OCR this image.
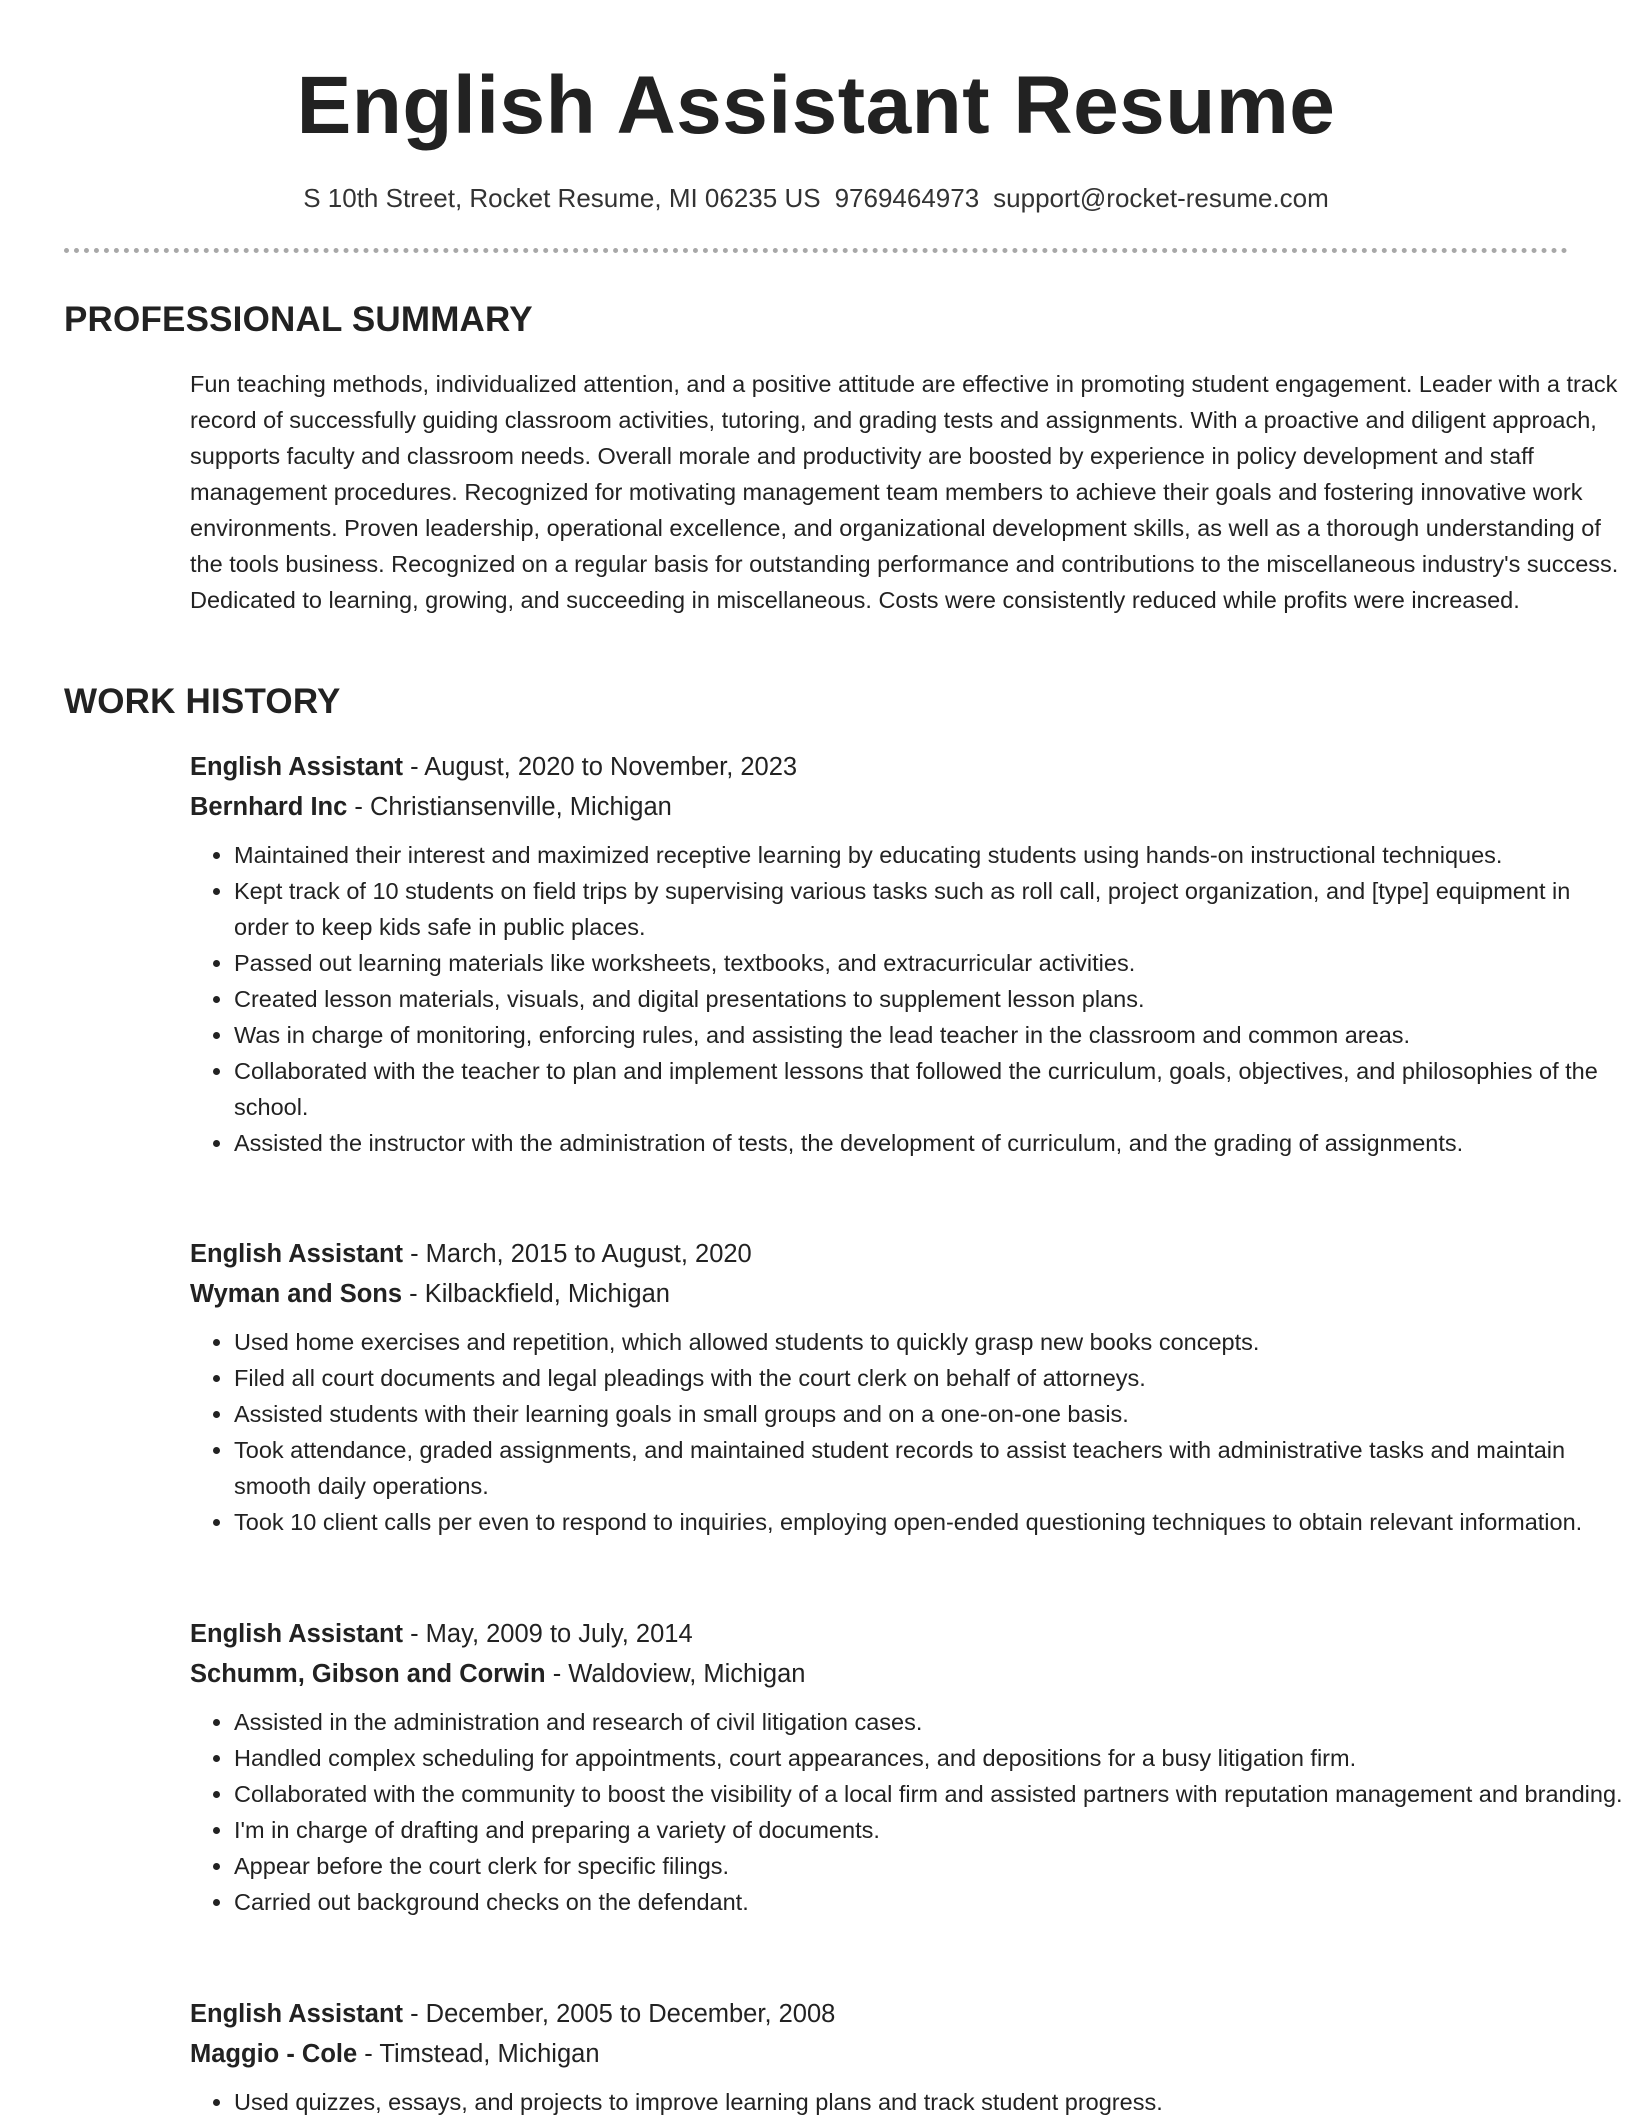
English Assistant Resume
S 10th Street, Rocket Resume, MI 06235 US 9769464973 support@rocket-resume.com
PROFESSIONAL SUMMARY

Fun teaching methods, individualized attention, and a positive attitude are effective in promoting student engagement. Leader with a track record of successfully guiding classroom activities, tutoring, and grading tests and assignments. With a proactive and diligent approach, supports faculty and classroom needs. Overall morale and productivity are boosted by experience in policy development and staff management procedures. Recognized for motivating management team members to achieve their goals and fostering innovative work environments. Proven leadership, operational excellence, and organizational development skills, as well as a thorough understanding of the tools business. Recognized on a regular basis for outstanding performance and contributions to the miscellaneous industry's success. Dedicated to learning, growing, and succeeding in miscellaneous. Costs were consistently reduced while profits were increased.

WORK HISTORY
English Assistant - August, 2020 to November, 2023
Bernhard Inc - Christiansenville, Michigan
• Maintained their interest and maximized receptive learning by educating students using hands-on instructional techniques.
• Kept track of 10 students on field trips by supervising various tasks such as roll call, project organization, and [type] equipment in order to keep kids safe in public places.
• Passed out learning materials like worksheets, textbooks, and extracurricular activities.
• Created lesson materials, visuals, and digital presentations to supplement lesson plans.
• Was in charge of monitoring, enforcing rules, and assisting the lead teacher in the classroom and common areas.
• Collaborated with the teacher to plan and implement lessons that followed the curriculum, goals, objectives, and philosophies of the school.
• Assisted the instructor with the administration of tests, the development of curriculum, and the grading of assignments.
English Assistant - March, 2015 to August, 2020
Wyman and Sons - Kilbackfield, Michigan
• Used home exercises and repetition, which allowed students to quickly grasp new books concepts.
• Filed all court documents and legal pleadings with the court clerk on behalf of attorneys.
• Assisted students with their learning goals in small groups and on a one-on-one basis.
• Took attendance, graded assignments, and maintained student records to assist teachers with administrative tasks and maintain smooth daily operations.
• Took 10 client calls per even to respond to inquiries, employing open-ended questioning techniques to obtain relevant information.
English Assistant - May, 2009 to July, 2014
Schumm, Gibson and Corwin - Waldoview, Michigan
• Assisted in the administration and research of civil litigation cases.
• Handled complex scheduling for appointments, court appearances, and depositions for a busy litigation firm.
• Collaborated with the community to boost the visibility of a local firm and assisted partners with reputation management and branding.
• I'm in charge of drafting and preparing a variety of documents.
• Appear before the court clerk for specific filings.
• Carried out background checks on the defendant.
English Assistant - December, 2005 to December, 2008
Maggio - Cole - Timstead, Michigan
• Used quizzes, essays, and projects to improve learning plans and track student progress.
